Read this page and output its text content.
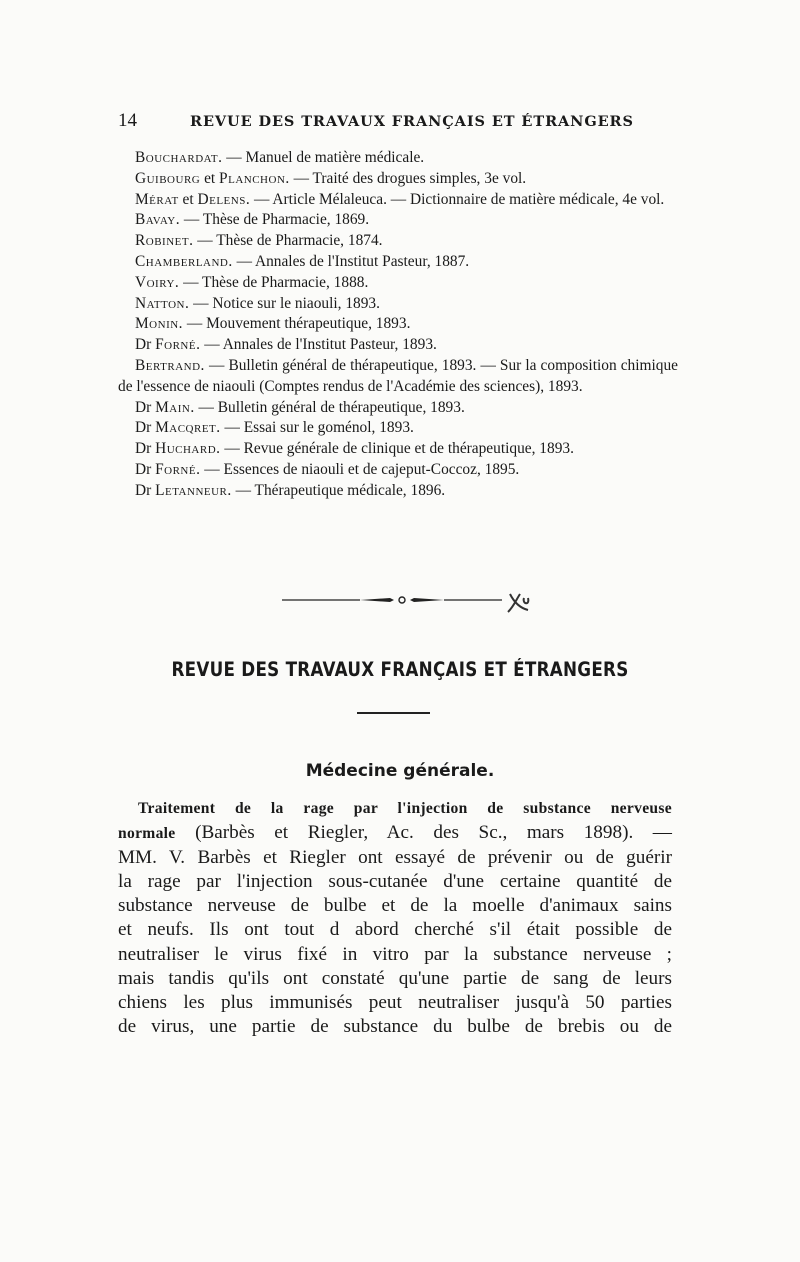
14	REVUE DES TRAVAUX FRANÇAIS ET ÉTRANGERS
Bouchardat. — Manuel de matière médicale.
Guibourg et Planchon. — Traité des drogues simples, 3e vol.
Mérat et Delens. — Article Mélaleuca. — Dictionnaire de matière médicale, 4e vol.
Bavay. — Thèse de Pharmacie, 1869.
Robinet. — Thèse de Pharmacie, 1874.
Chamberland. — Annales de l'Institut Pasteur, 1887.
Voiry. — Thèse de Pharmacie, 1888.
Natton. — Notice sur le niaouli, 1893.
Monin. — Mouvement thérapeutique, 1893.
Dr Forné. — Annales de l'Institut Pasteur, 1893.
Bertrand. — Bulletin général de thérapeutique, 1893. — Sur la composition chimique de l'essence de niaouli (Comptes rendus de l'Académie des sciences), 1893.
Dr Main. — Bulletin général de thérapeutique, 1893.
Dr Macqret. — Essai sur le goménol, 1893.
Dr Huchard. — Revue générale de clinique et de thérapeutique, 1893.
Dr Forné. — Essences de niaouli et de cajeput-Coccoz, 1895.
Dr Letanneur. — Thérapeutique médicale, 1896.
REVUE DES TRAVAUX FRANÇAIS ET ÉTRANGERS
Médecine générale.
Traitement de la rage par l'injection de substance nerveuse
normale (Barbès et Riegler, Ac. des Sc., mars 1898). —
MM. V. Barbès et Riegler ont essayé de prévenir ou de guérir
la rage par l'injection sous-cutanée d'une certaine quantité de
substance nerveuse de bulbe et de la moelle d'animaux sains
et neufs. Ils ont tout d abord cherché s'il était possible de
neutraliser le virus fixé in vitro par la substance nerveuse ;
mais tandis qu'ils ont constaté qu'une partie de sang de leurs
chiens les plus immunisés peut neutraliser jusqu'à 50 parties
de virus, une partie de substance du bulbe de brebis ou de
